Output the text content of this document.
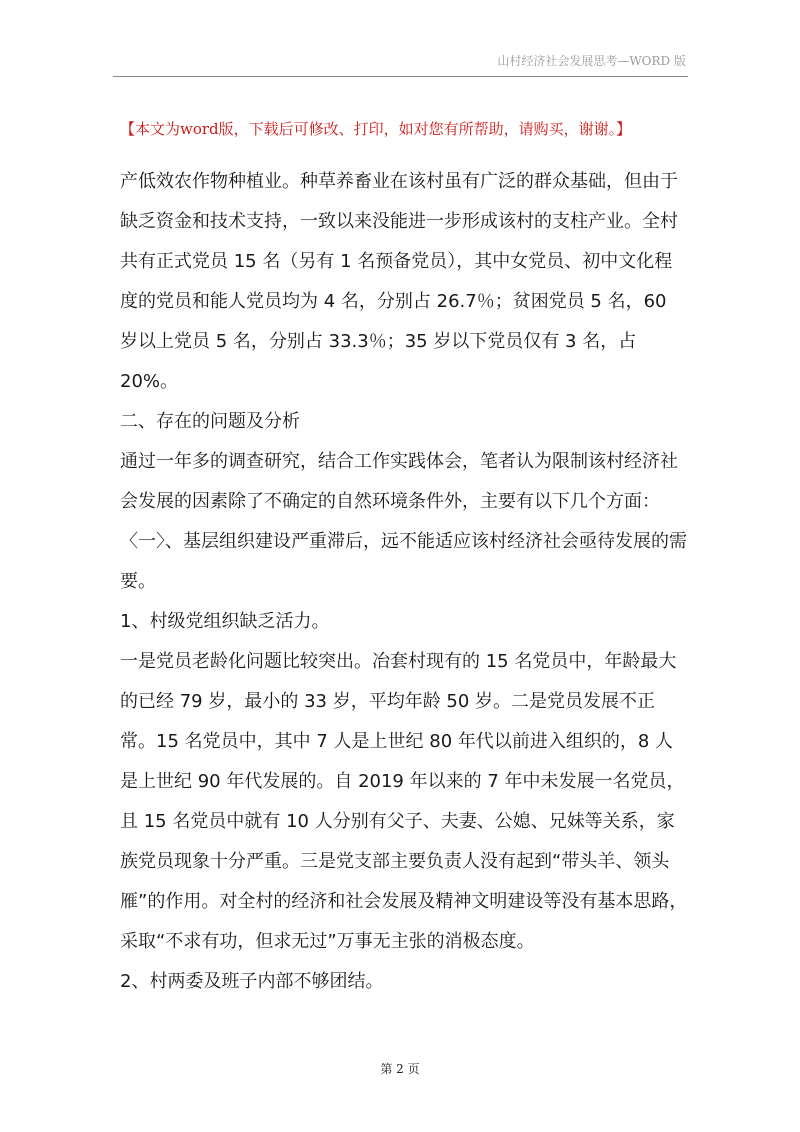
山村经济社会发展思考—WORD 版
【本文为word版，下载后可修改、打印，如对您有所帮助，请购买，谢谢。】

产低效农作物种植业。种草养畜业在该村虽有广泛的群众基础，但由于缺乏资金和技术支持，一致以来没能进一步形成该村的支柱产业。全村共有正式党员 15 名（另有 1 名预备党员），其中女党员、初中文化程度的党员和能人党员均为 4 名，分别占 26.7％；贫困党员 5 名，60 岁以上党员 5 名，分别占 33.3％；35 岁以下党员仅有 3 名，占 20%。

二、存在的问题及分析

通过一年多的调查研究，结合工作实践体会，笔者认为限制该村经济社会发展的因素除了不确定的自然环境条件外，主要有以下几个方面：

〈一〉、基层组织建设严重滞后，远不能适应该村经济社会亟待发展的需要。

1、村级党组织缺乏活力。

一是党员老龄化问题比较突出。冶套村现有的 15 名党员中，年龄最大的已经 79 岁，最小的 33 岁，平均年龄 50 岁。二是党员发展不正常。15 名党员中，其中 7 人是上世纪 80 年代以前进入组织的，8 人是上世纪 90 年代发展的。自 2019 年以来的 7 年中未发展一名党员，且 15 名党员中就有 10 人分别有父子、夫妻、公媳、兄妹等关系，家族党员现象十分严重。三是党支部主要负责人没有起到“带头羊、领头雁”的作用。对全村的经济和社会发展及精神文明建设等没有基本思路，采取“不求有功，但求无过”万事无主张的消极态度。

2、村两委及班子内部不够团结。

第 2 页
